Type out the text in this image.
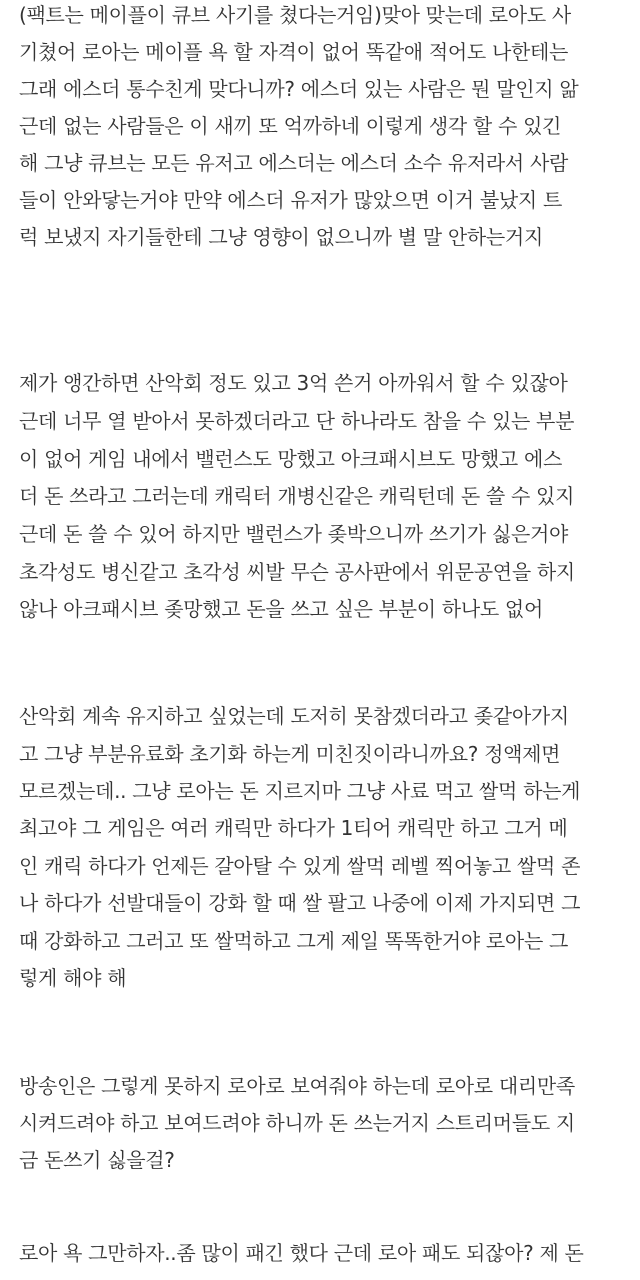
(팩트는 메이플이 큐브 사기를 쳤다는거임)맞아 맞는데 로아도 사
기쳤어 로아는 메이플 욕 할 자격이 없어 똑같애 적어도 나한테는
그래 에스더 통수친게 맞다니까? 에스더 있는 사람은 뭔 말인지 앎
근데 없는 사람들은 이 새끼 또 억까하네 이렇게 생각 할 수 있긴
해 그냥 큐브는 모든 유저고 에스더는 에스더 소수 유저라서 사람
들이 안와닿는거야 만약 에스더 유저가 많았으면 이거 불났지 트
럭 보냈지 자기들한테 그냥 영향이 없으니까 별 말 안하는거지
제가 앵간하면 산악회 정도 있고 3억 쓴거 아까워서 할 수 있잖아
근데 너무 열 받아서 못하겠더라고 단 하나라도 참을 수 있는 부분
이 없어 게임 내에서 밸런스도 망했고 아크패시브도 망했고 에스
더 돈 쓰라고 그러는데 캐릭터 개병신같은 캐릭턴데 돈 쓸 수 있지
근데 돈 쓸 수 있어 하지만 밸런스가 좆박으니까 쓰기가 싫은거야
초각성도 병신같고 초각성 씨발 무슨 공사판에서 위문공연을 하지
않나 아크패시브 좆망했고 돈을 쓰고 싶은 부분이 하나도 없어
산악회 계속 유지하고 싶었는데 도저히 못참겠더라고 좆같아가지
고 그냥 부분유료화 초기화 하는게 미친짓이라니까요? 정액제면
모르겠는데.. 그냥 로아는 돈 지르지마 그냥 사료 먹고 쌀먹 하는게
최고야 그 게임은 여러 캐릭만 하다가 1티어 캐릭만 하고 그거 메
인 캐릭 하다가 언제든 갈아탈 수 있게 쌀먹 레벨 찍어놓고 쌀먹 존
나 하다가 선발대들이 강화 할 때 쌀 팔고 나중에 이제 가지되면 그
때 강화하고 그러고 또 쌀먹하고 그게 제일 똑똑한거야 로아는 그
렇게 해야 해
방송인은 그렇게 못하지 로아로 보여줘야 하는데 로아로 대리만족
시켜드려야 하고 보여드려야 하니까 돈 쓰는거지 스트리머들도 지
금 돈쓰기 싫을걸?
로아 욕 그만하자..좀 많이 패긴 했다 근데 로아 패도 되잖아? 제 돈
